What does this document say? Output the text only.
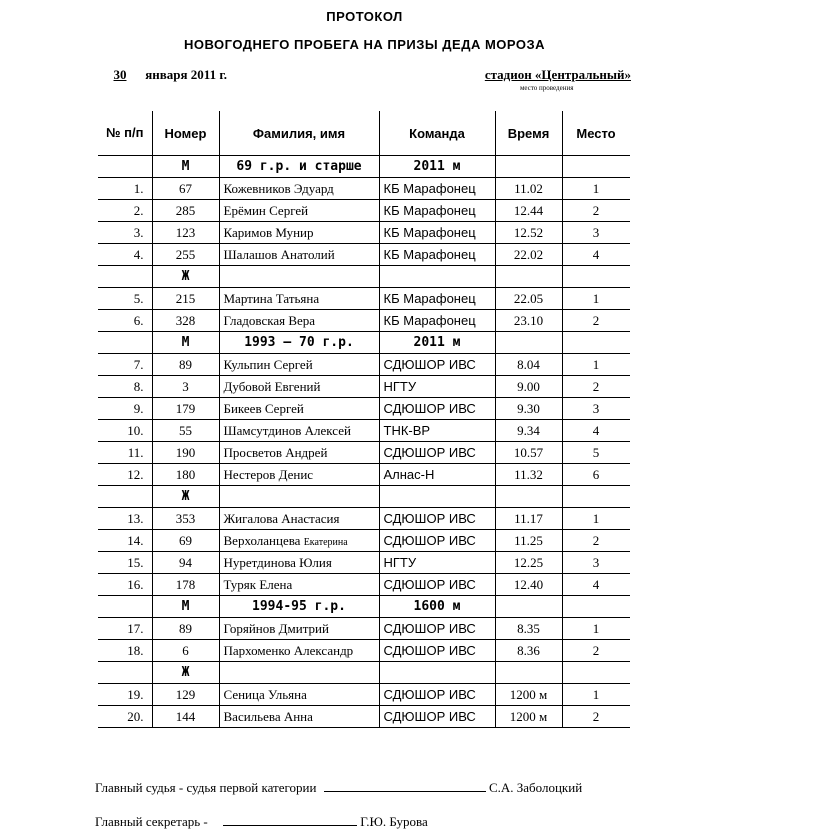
ПРОТОКОЛ
НОВОГОДНЕГО ПРОБЕГА НА ПРИЗЫ ДЕДА МОРОЗА
30 января 2011 г.	стадион «Центральный»
место проведения
№ п/п	Номер	Фамилия, имя	Команда	Время	Место
	М	69 г.р. и старше	2011 м		
1.	67	Кожевников Эдуард	КБ Марафонец	11.02	1
2.	285	Ерёмин Сергей	КБ Марафонец	12.44	2
3.	123	Каримов Мунир	КБ Марафонец	12.52	3
4.	255	Шалашов Анатолий	КБ Марафонец	22.02	4
	Ж				
5.	215	Мартина Татьяна	КБ Марафонец	22.05	1
6.	328	Гладовская Вера	КБ Марафонец	23.10	2
	М	1993 – 70 г.р.	2011 м		
7.	89	Кульпин Сергей	СДЮШОР ИВС	8.04	1
8.	3	Дубовой Евгений	НГТУ	9.00	2
9.	179	Бикеев Сергей	СДЮШОР ИВС	9.30	3
10.	55	Шамсутдинов Алексей	ТНК-ВР	9.34	4
11.	190	Просветов Андрей	СДЮШОР ИВС	10.57	5
12.	180	Нестеров Денис	Алнас-Н	11.32	6
	Ж				
13.	353	Жигалова Анастасия	СДЮШОР ИВС	11.17	1
14.	69	Верхоланцева Екатерина	СДЮШОР ИВС	11.25	2
15.	94	Нуретдинова Юлия	НГТУ	12.25	3
16.	178	Туряк Елена	СДЮШОР ИВС	12.40	4
	М	1994-95 г.р.	1600 м		
17.	89	Горяйнов Дмитрий	СДЮШОР ИВС	8.35	1
18.	6	Пархоменко Александр	СДЮШОР ИВС	8.36	2
	Ж				
19.	129	Сеница Ульяна	СДЮШОР ИВС	1200 м	1
20.	144	Васильева Анна	СДЮШОР ИВС	1200 м	2
Главный судья - судья первой категории	С.А. Заболоцкий
Главный секретарь -	Г.Ю. Бурова
